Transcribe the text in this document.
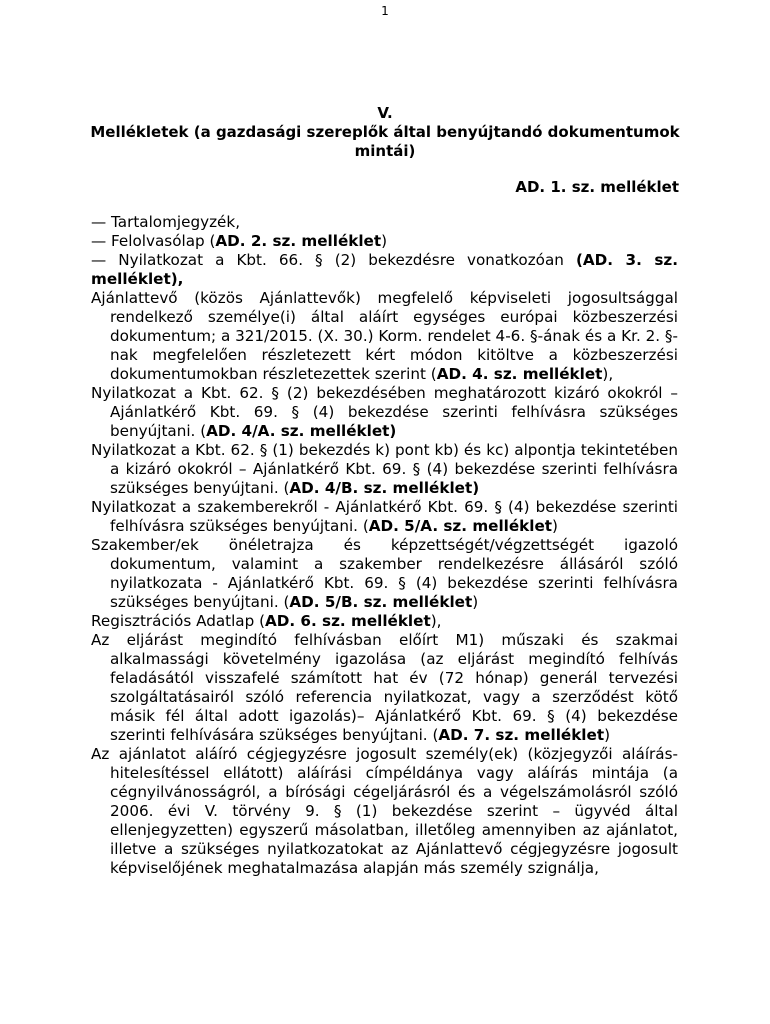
1
V.
Mellékletek (a gazdasági szereplők által benyújtandó dokumentumok mintái)
AD. 1. sz. melléklet
— Tartalomjegyzék,
— Felolvasólap (AD. 2. sz. melléklet)
— Nyilatkozat a Kbt. 66. § (2) bekezdésre vonatkozóan (AD. 3. sz. melléklet),
Ajánlattevő (közös Ajánlattevők) megfelelő képviseleti jogosultsággal rendelkező személye(i) által aláírt egységes európai közbeszerzési dokumentum; a 321/2015. (X. 30.) Korm. rendelet 4-6. §-ának és a Kr. 2. §-nak megfelelően részletezett kért módon kitöltve a közbeszerzési dokumentumokban részletezettek szerint (AD. 4. sz. melléklet),
Nyilatkozat a Kbt. 62. § (2) bekezdésében meghatározott kizáró okokról – Ajánlatkérő Kbt. 69. § (4) bekezdése szerinti felhívásra szükséges benyújtani. (AD. 4/A. sz. melléklet)
Nyilatkozat a Kbt. 62. § (1) bekezdés k) pont kb) és kc) alpontja tekintetében a kizáró okokról – Ajánlatkérő Kbt. 69. § (4) bekezdése szerinti felhívásra szükséges benyújtani. (AD. 4/B. sz. melléklet)
Nyilatkozat a szakemberekről - Ajánlatkérő Kbt. 69. § (4) bekezdése szerinti felhívásra szükséges benyújtani. (AD. 5/A. sz. melléklet)
Szakember/ek önéletrajza és képzettségét/végzettségét igazoló dokumentum, valamint a szakember rendelkezésre állásáról szóló nyilatkozata - Ajánlatkérő Kbt. 69. § (4) bekezdése szerinti felhívásra szükséges benyújtani. (AD. 5/B. sz. melléklet)
Regisztrációs Adatlap (AD. 6. sz. melléklet),
Az eljárást megindító felhívásban előírt M1) műszaki és szakmai alkalmassági követelmény igazolása (az eljárást megindító felhívás feladásától visszafelé számított hat év (72 hónap) generál tervezési szolgáltatásairól szóló referencia nyilatkozat, vagy a szerződést kötő másik fél által adott igazolás)– Ajánlatkérő Kbt. 69. § (4) bekezdése szerinti felhívására szükséges benyújtani. (AD. 7. sz. melléklet)
Az ajánlatot aláíró cégjegyzésre jogosult személy(ek) (közjegyzői aláírás-hitelesítéssel ellátott) aláírási címpéldánya vagy aláírás mintája (a cégnyilvánosságról, a bírósági cégeljárásról és a végelszámolásról szóló 2006. évi V. törvény 9. § (1) bekezdése szerint – ügyvéd által ellenjegyzetten) egyszerű másolatban, illetőleg amennyiben az ajánlatot, illetve a szükséges nyilatkozatokat az Ajánlattevő cégjegyzésre jogosult képviselőjének meghatalmazása alapján más személy szignálja,
